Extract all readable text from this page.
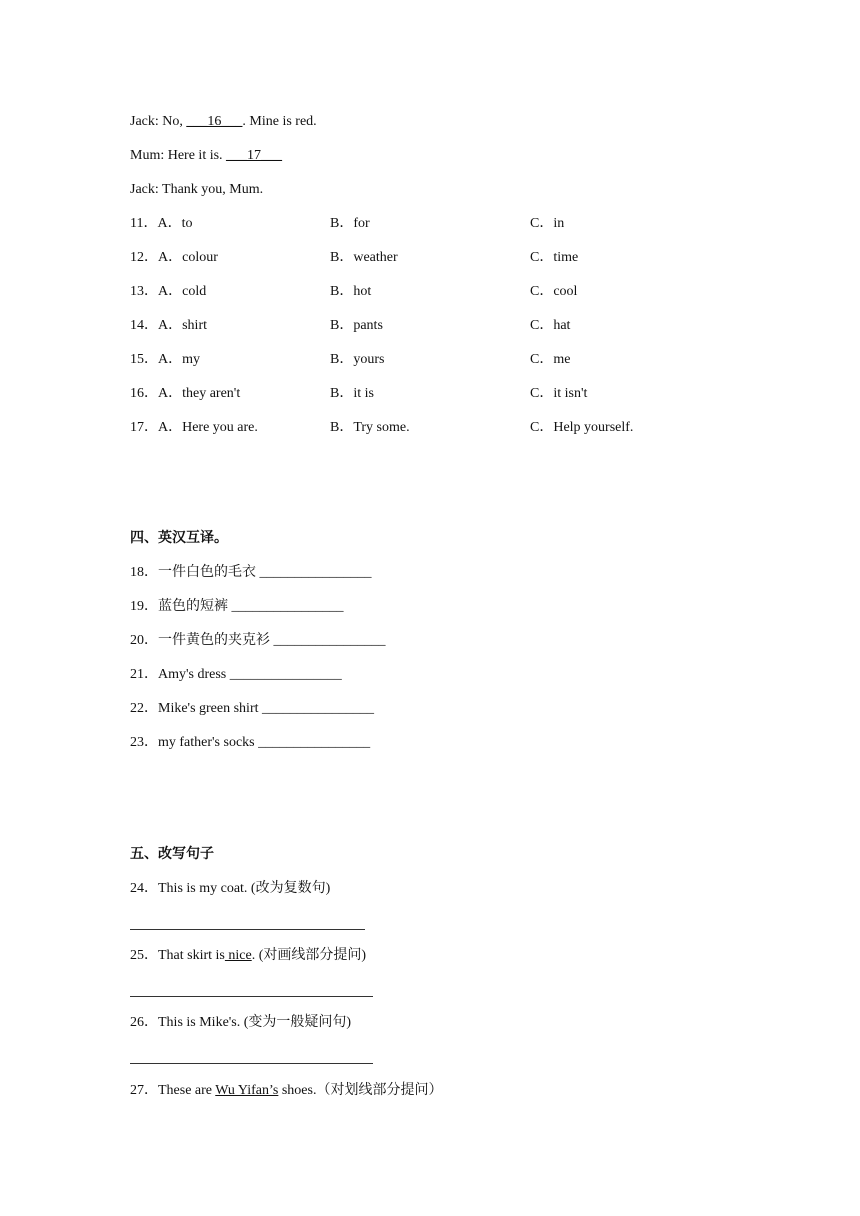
Jack: No, ___16___. Mine is red.
Mum: Here it is. ___17___
Jack: Thank you, Mum.
11．A．to	B．for	C．in
12．A．colour	B．weather	C．time
13．A．cold	B．hot	C．cool
14．A．shirt	B．pants	C．hat
15．A．my	B．yours	C．me
16．A．they aren't	B．it is	C．it isn't
17．A．Here you are.	B．Try some.	C．Help yourself.
四、英汉互译。
18．一件白色的毛衣 ________________
19．蓝色的短裤 ________________
20．一件黄色的夹克衫 ________________
21．Amy's dress ________________
22．Mike's green shirt ________________
23．my father's socks ________________
五、改写句子
24．This is my coat. (改为复数句)
25．That skirt is nice. (对画线部分提问)
26．This is Mike's. (变为一般疑问句)
27．These are Wu Yifan’s shoes.（对划线部分提问）
